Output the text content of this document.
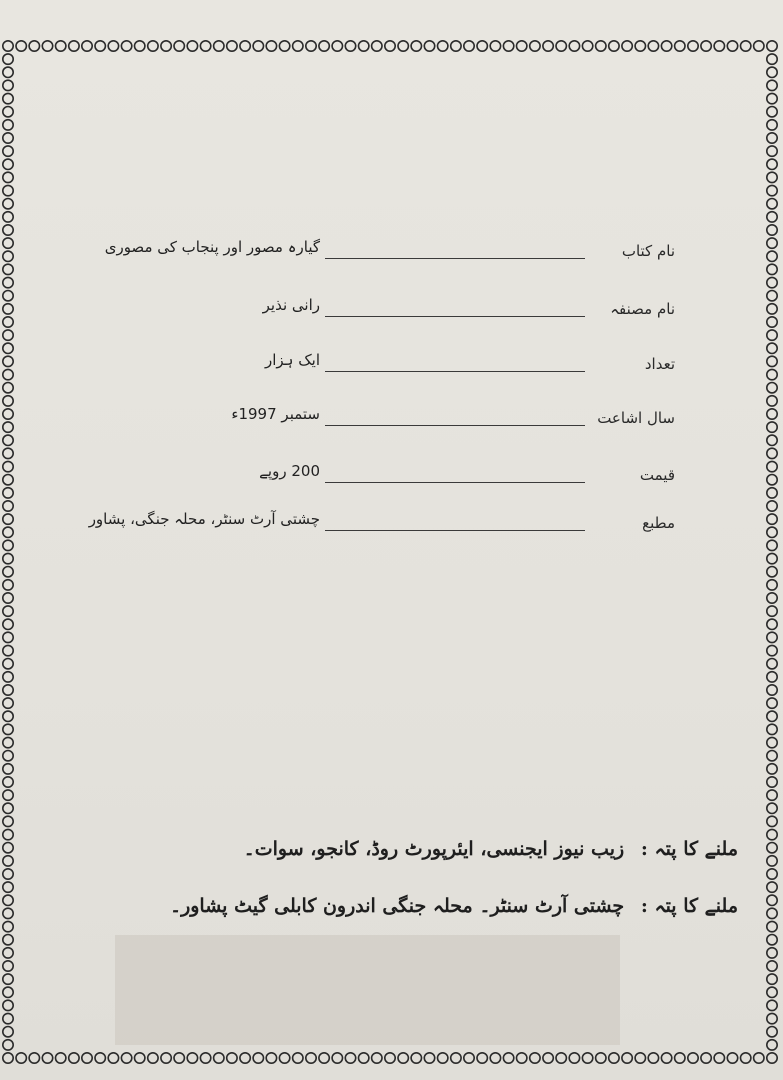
نام کتاب
گیارہ مصور اور پنجاب کی مصوری
نام مصنفہ
رانی نذیر
تعداد
ایک ہزار
سال اشاعت
ستمبر 1997ء
قیمت
200 روپے
مطبع
چشتی آرٹ سنٹر، محلہ جنگی، پشاور
ملنے کا پتہ : زیب نیوز ایجنسی، ایئرپورٹ روڈ، کانجو، سوات۔
ملنے کا پتہ : چشتی آرٹ سنٹر۔ محلہ جنگی اندرون کابلی گیٹ پشاور۔
